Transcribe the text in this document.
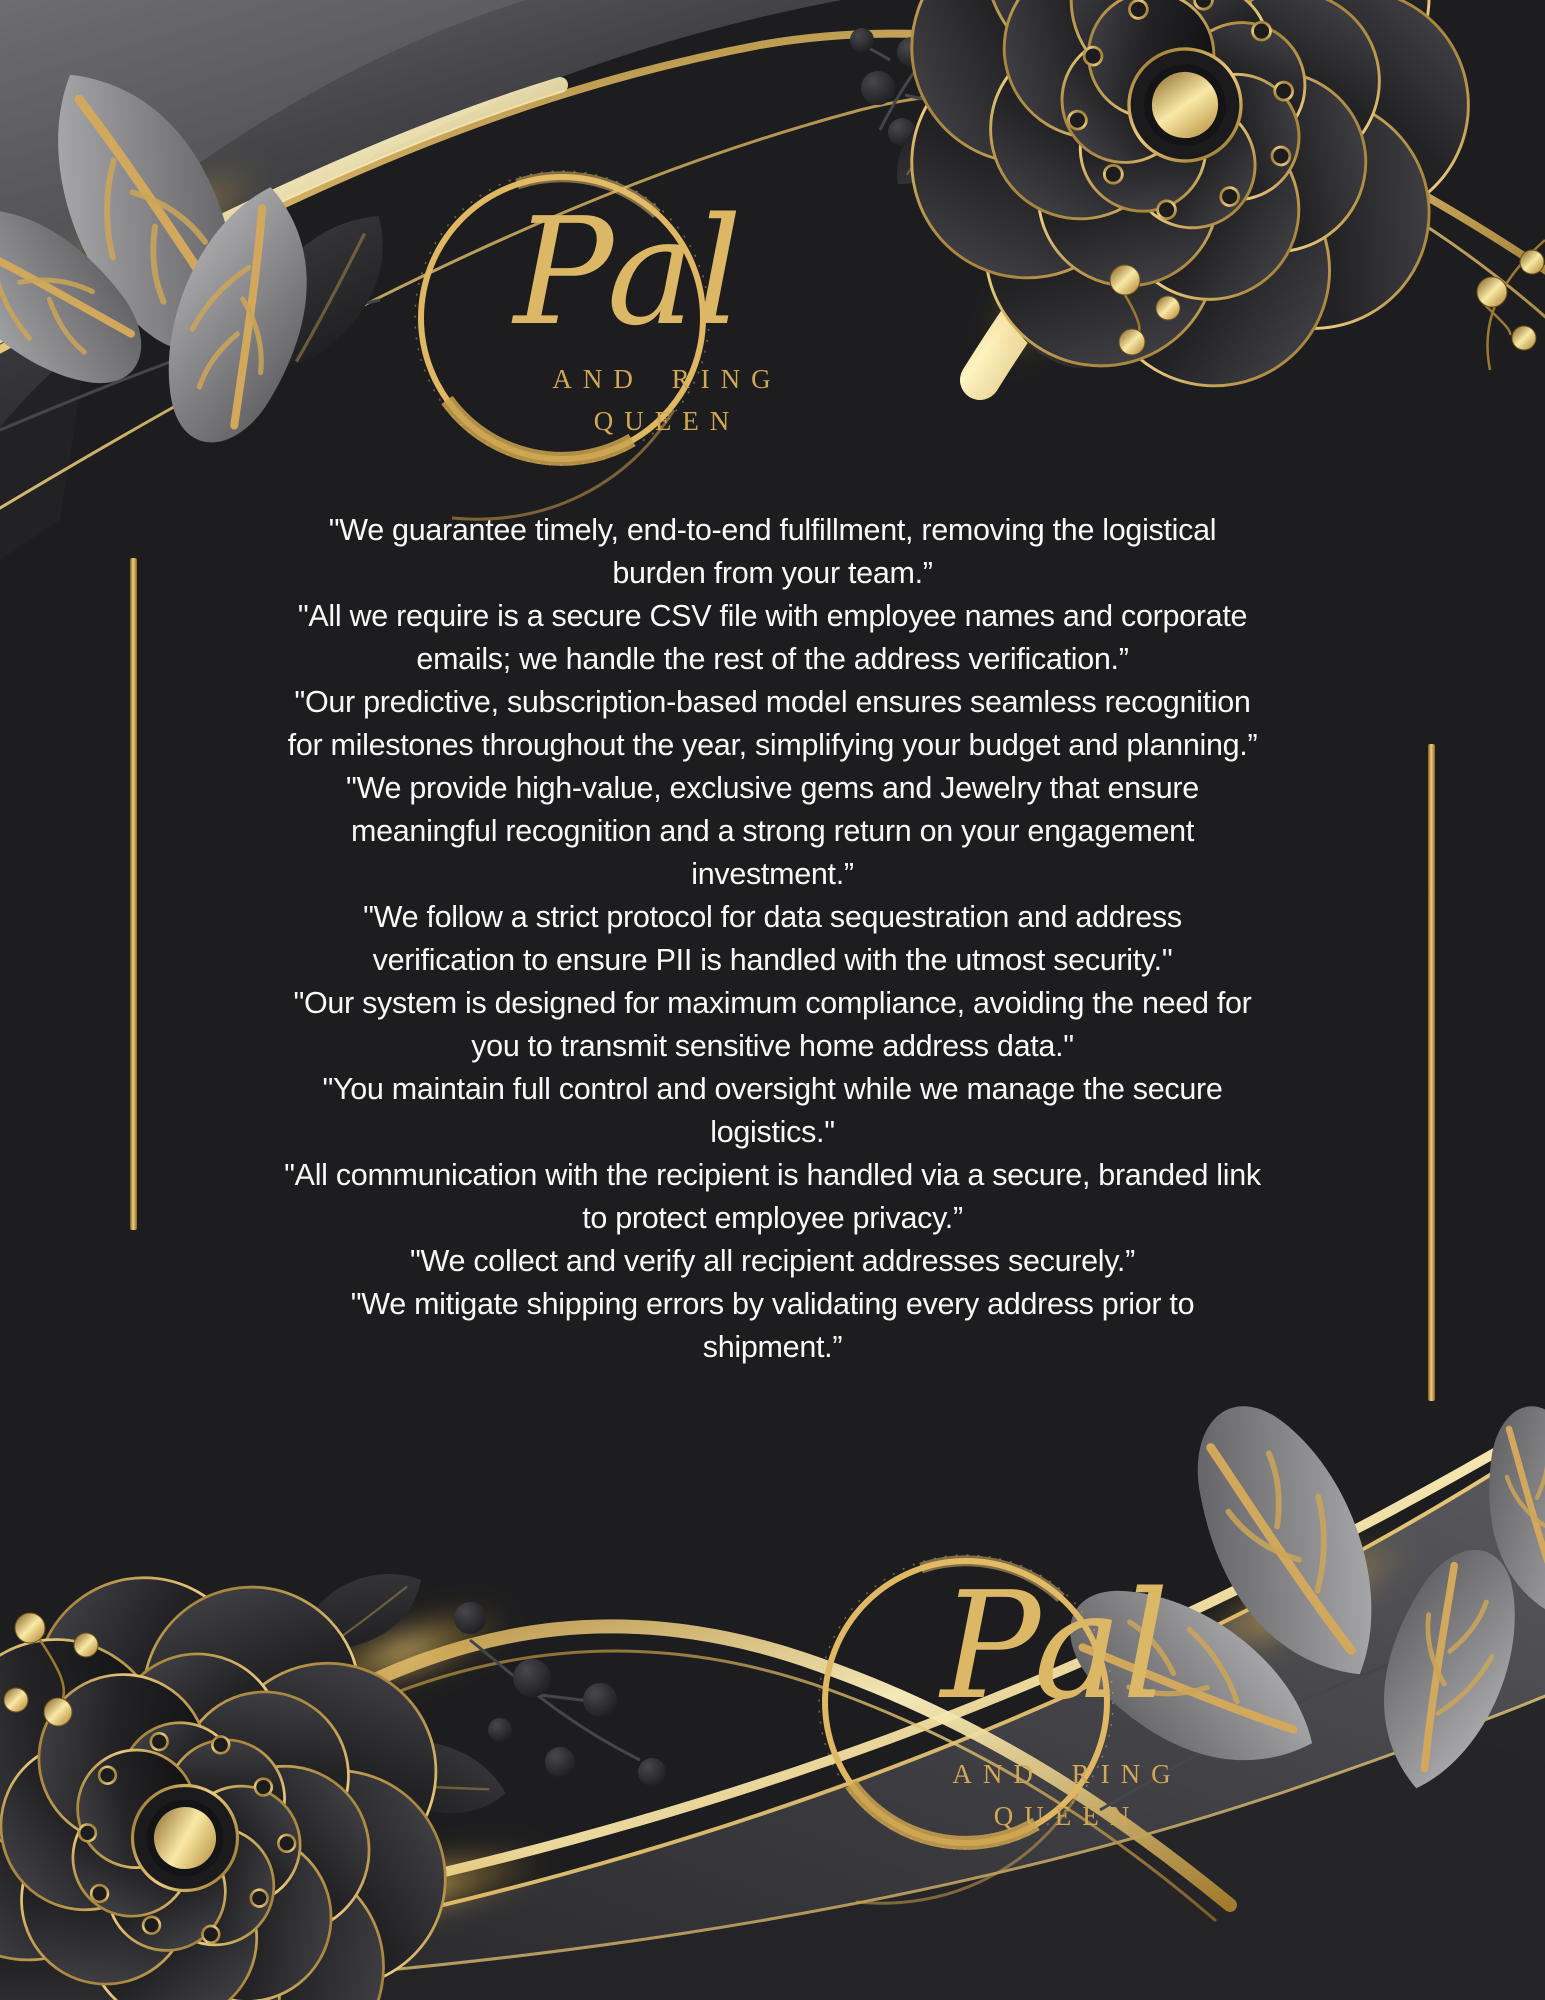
Pal
AND RING
QUEEN
"We guarantee timely, end-to-end fulfillment, removing the logistical
burden from your team.”
"All we require is a secure CSV file with employee names and corporate
emails; we handle the rest of the address verification.”
"Our predictive, subscription-based model ensures seamless recognition
for milestones throughout the year, simplifying your budget and planning.”
"We provide high-value, exclusive gems and Jewelry that ensure
meaningful recognition and a strong return on your engagement
investment.”
"We follow a strict protocol for data sequestration and address
verification to ensure PII is handled with the utmost security."
"Our system is designed for maximum compliance, avoiding the need for
you to transmit sensitive home address data."
"You maintain full control and oversight while we manage the secure
logistics."
"All communication with the recipient is handled via a secure, branded link
to protect employee privacy.”
"We collect and verify all recipient addresses securely.”
"We mitigate shipping errors by validating every address prior to
shipment.”
Pal
AND RING
QUEEN
